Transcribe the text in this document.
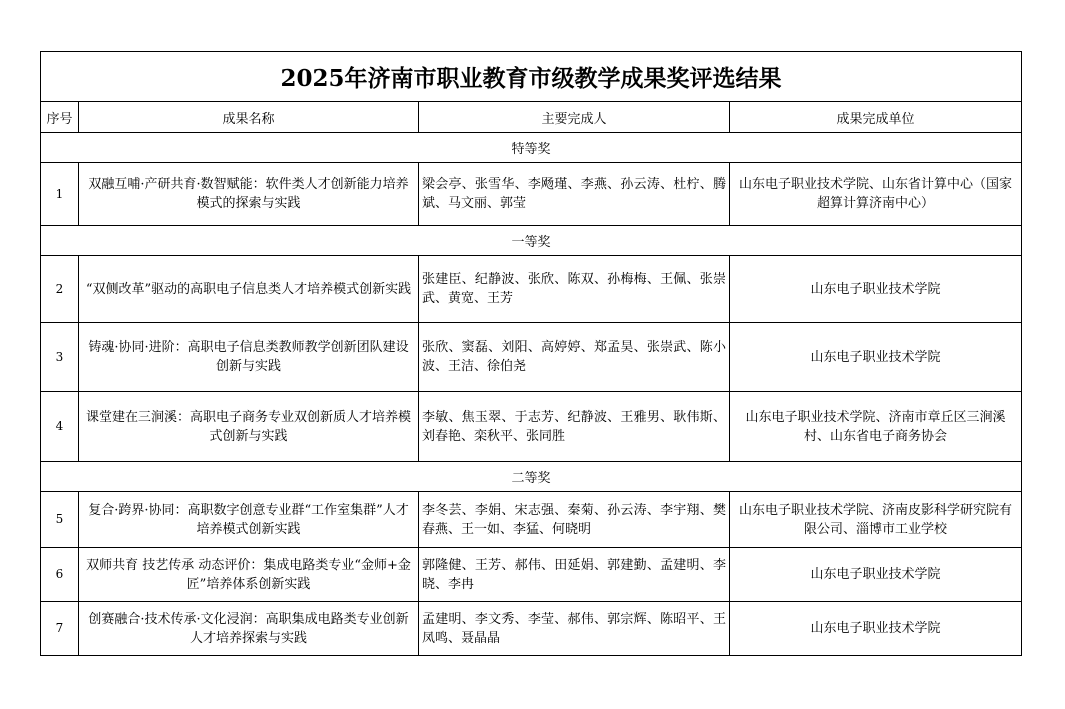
2025年济南市职业教育市级教学成果奖评选结果			
序号	成果名称	主要完成人	成果完成单位
特等奖			
1	双融互哺·产研共育·数智赋能：软件类人才创新能力培养模式的探索与实践	梁会亭、张雪华、李飏瑾、李燕、孙云涛、杜柠、腾斌、马文丽、郭莹	山东电子职业技术学院、山东省计算中心（国家超算计算济南中心）
一等奖			
2	“双侧改革”驱动的高职电子信息类人才培养模式创新实践	张建臣、纪静波、张欣、陈双、孙梅梅、王佩、张崇武、黄宽、王芳	山东电子职业技术学院
3	铸魂·协同·进阶：高职电子信息类教师教学创新团队建设创新与实践	张欣、窦磊、刘阳、高婷婷、郑孟昊、张崇武、陈小波、王洁、徐伯尧	山东电子职业技术学院
4	课堂建在三涧溪：高职电子商务专业双创新质人才培养模式创新与实践	李敏、焦玉翠、于志芳、纪静波、王雅男、耿伟斯、刘春艳、栾秋平、张同胜	山东电子职业技术学院、济南市章丘区三涧溪村、山东省电子商务协会
二等奖			
5	复合·跨界·协同：高职数字创意专业群“工作室集群”人才培养模式创新实践	李冬芸、李娟、宋志强、秦菊、孙云涛、李宇翔、樊春燕、王一如、李猛、何晓明	山东电子职业技术学院、济南皮影科学研究院有限公司、淄博市工业学校
6	双师共育 技艺传承 动态评价：集成电路类专业“金师+金匠”培养体系创新实践	郭隆健、王芳、郝伟、田延娟、郭建勤、孟建明、李晓、李冉	山东电子职业技术学院
7	创赛融合·技术传承·文化浸润：高职集成电路类专业创新人才培养探索与实践	孟建明、李文秀、李莹、郝伟、郭宗辉、陈昭平、王凤鸣、聂晶晶	山东电子职业技术学院
